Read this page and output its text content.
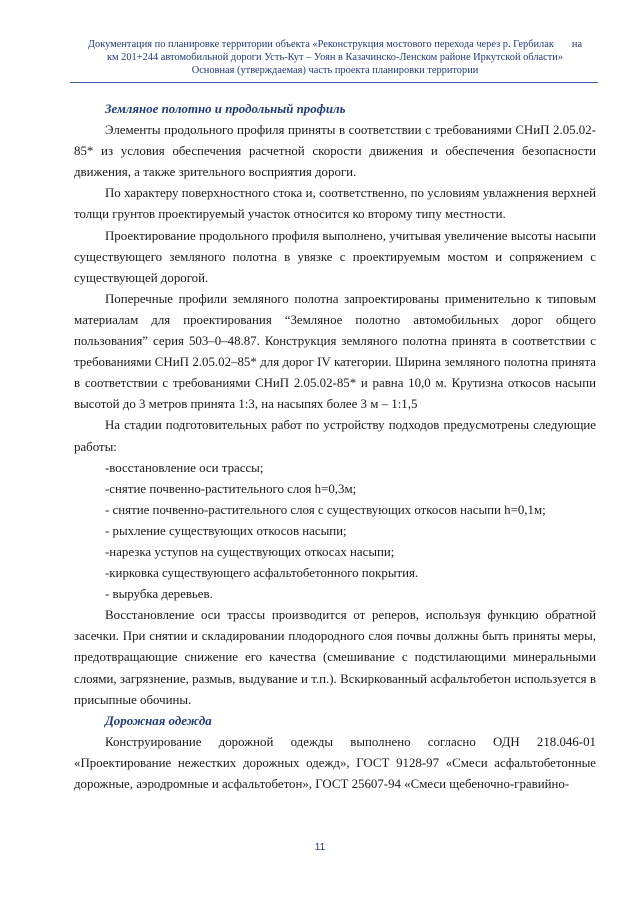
Документация по планировке территории объекта «Реконструкция мостового перехода через р. Гербилак на
км 201+244 автомобильной дороги Усть-Кут – Уоян в Казачинско-Ленском районе Иркутской области»
Основная (утверждаемая) часть проекта планировки территории
Земляное полотно и продольный профиль

Элементы продольного профиля приняты в соответствии с требованиями СНиП 2.05.02-85* из условия обеспечения расчетной скорости движения и обеспечения безопасности движения, а также зрительного восприятия дороги.

По характеру поверхностного стока и, соответственно, по условиям увлажнения верхней толщи грунтов проектируемый участок относится ко второму типу местности.

Проектирование продольного профиля выполнено, учитывая увеличение высоты насыпи существующего земляного полотна в увязке с проектируемым мостом и сопряжением с существующей дорогой.

Поперечные профили земляного полотна запроектированы применительно к типовым материалам для проектирования “Земляное полотно автомобильных дорог общего пользования” серия 503–0–48.87. Конструкция земляного полотна принята в соответствии с требованиями СНиП 2.05.02–85* для дорог IV категории. Ширина земляного полотна принята в соответствии с требованиями СНиП 2.05.02-85* и равна 10,0 м. Крутизна откосов насыпи высотой до 3 метров принята 1:3, на насыпях более 3 м – 1:1,5

На стадии подготовительных работ по устройству подходов предусмотрены следующие работы:

-восстановление оси трассы;

-снятие почвенно-растительного слоя h=0,3м;

- снятие почвенно-растительного слоя с существующих откосов насыпи h=0,1м;

- рыхление существующих откосов насыпи;

-нарезка уступов на существующих откосах насыпи;

-кирковка существующего асфальтобетонного покрытия.

- вырубка деревьев.

Восстановление оси трассы производится от реперов, используя функцию обратной засечки. При снятии и складировании плодородного слоя почвы должны быть приняты меры, предотвращающие снижение его качества (смешивание с подстилающими минеральными слоями, загрязнение, размыв, выдувание и т.п.). Вскиркованный асфальтобетон используется в присыпные обочины.

Дорожная одежда

Конструирование дорожной одежды выполнено согласно ОДН 218.046-01 «Проектирование нежестких дорожных одежд», ГОСТ 9128-97 «Смеси асфальтобетонные дорожные, аэродромные и асфальтобетон», ГОСТ 25607-94 «Смеси щебеночно-гравийно-

11
